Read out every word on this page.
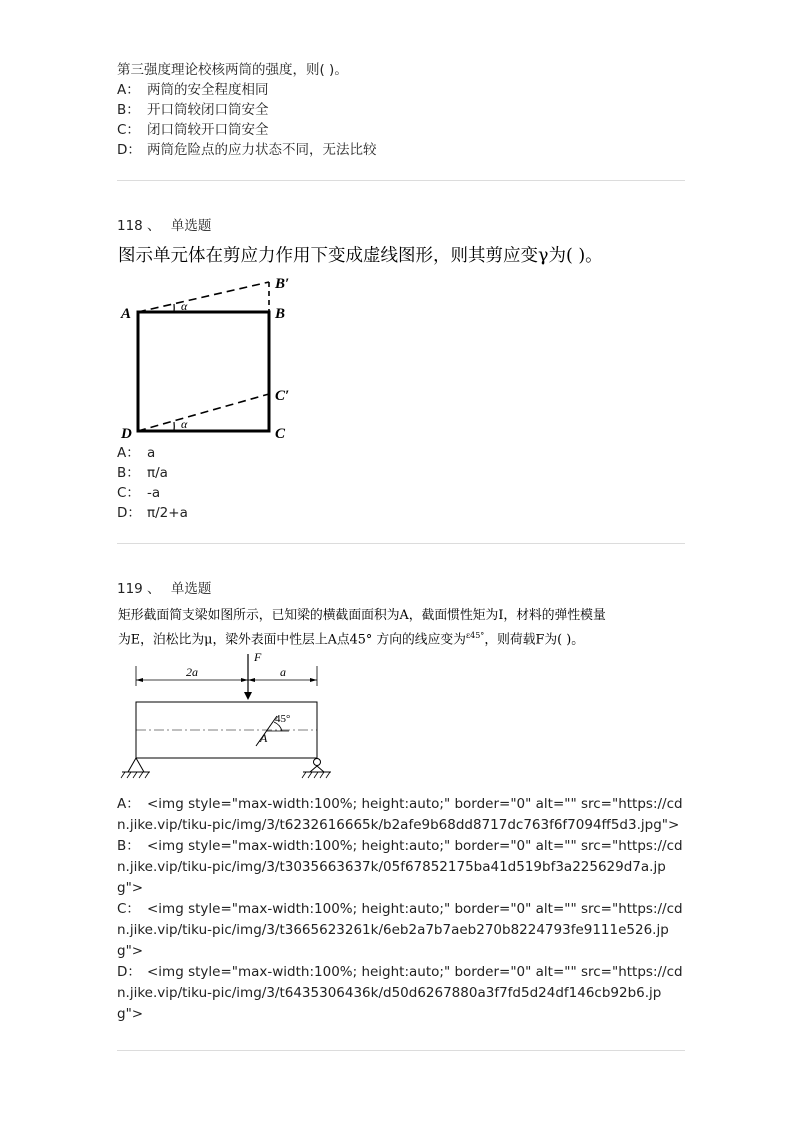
第三强度理论校核两筒的强度，则( )。
A： 两筒的安全程度相同
B： 开口筒较闭口筒安全
C： 闭口筒较开口筒安全
D： 两筒危险点的应力状态不同，无法比较
118 、 单选题
图示单元体在剪应力作用下变成虚线图形，则其剪应变γ为( )。
A	B
B′
C′
C
D
α
α
A： a
B： π/a
C： -a
D： π/2+a
119 、 单选题
矩形截面简支梁如图所示，已知梁的横截面面积为A，截面惯性矩为I，材料的弹性模量
为E，泊松比为μ，梁外表面中性层上A点45° 方向的线应变为$^{\varepsilon 45^\circ}$，则荷载F为( )。
F
2a	a
45°
A
A： <img style="max-width:100%; height:auto;" border="0" alt="" src="https://cdn.jike.vip/tiku-pic/img/3/t6232616665k/b2afe9b68dd8717dc763f6f7094ff5d3.jpg">
B： <img style="max-width:100%; height:auto;" border="0" alt="" src="https://cdn.jike.vip/tiku-pic/img/3/t3035663637k/05f67852175ba41d519bf3a225629d7a.jpg">
C： <img style="max-width:100%; height:auto;" border="0" alt="" src="https://cdn.jike.vip/tiku-pic/img/3/t3665623261k/6eb2a7b7aeb270b8224793fe9111e526.jpg">
D： <img style="max-width:100%; height:auto;" border="0" alt="" src="https://cdn.jike.vip/tiku-pic/img/3/t6435306436k/d50d6267880a3f7fd5d24df146cb92b6.jpg">
